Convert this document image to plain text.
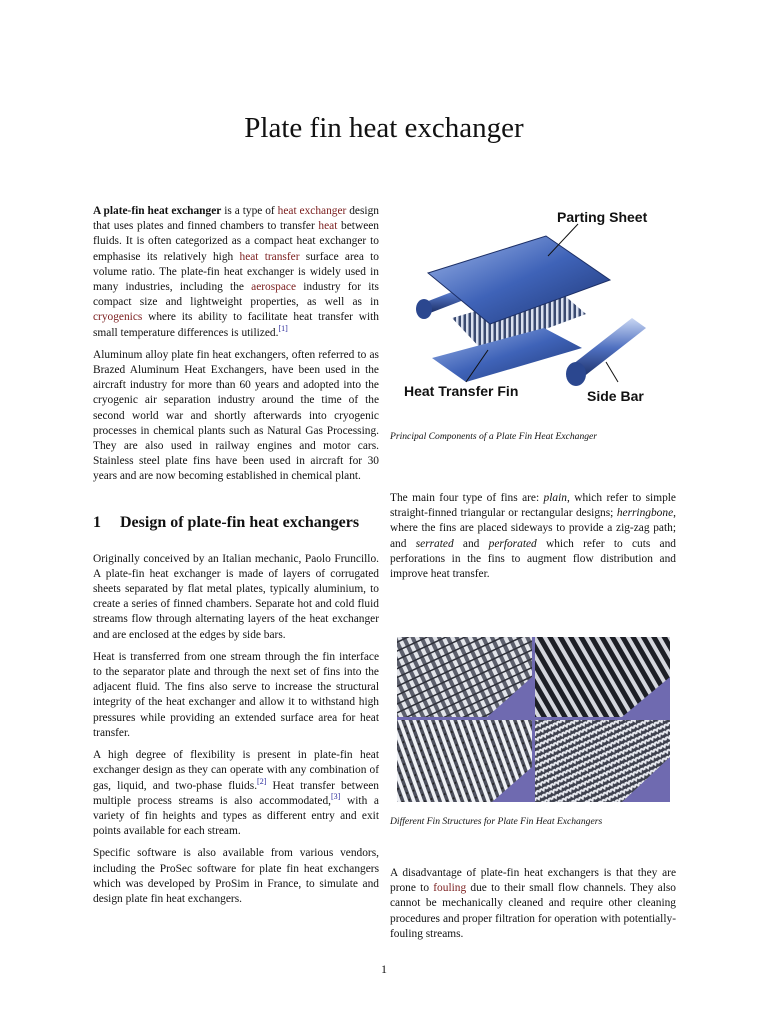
Plate fin heat exchanger

A plate-fin heat exchanger is a type of heat exchanger design that uses plates and finned chambers to transfer heat between fluids. It is often categorized as a compact heat exchanger to emphasise its relatively high heat transfer surface area to volume ratio. The plate-fin heat exchanger is widely used in many industries, including the aerospace industry for its compact size and lightweight properties, as well as in cryogenics where its ability to facilitate heat transfer with small temperature differences is utilized.[1]

Aluminum alloy plate fin heat exchangers, often referred to as Brazed Aluminum Heat Exchangers, have been used in the aircraft industry for more than 60 years and adopted into the cryogenic air separation industry around the time of the second world war and shortly afterwards into cryogenic processes in chemical plants such as Natural Gas Processing. They are also used in railway engines and motor cars. Stainless steel plate fins have been used in aircraft for 30 years and are now becoming established in chemical plant.

1	Design of plate-fin heat exchangers

Originally conceived by an Italian mechanic, Paolo Fruncillo. A plate-fin heat exchanger is made of layers of corrugated sheets separated by flat metal plates, typically aluminium, to create a series of finned chambers. Separate hot and cold fluid streams flow through alternating layers of the heat exchanger and are enclosed at the edges by side bars.

Heat is transferred from one stream through the fin interface to the separator plate and through the next set of fins into the adjacent fluid. The fins also serve to increase the structural integrity of the heat exchanger and allow it to withstand high pressures while providing an extended surface area for heat transfer.

A high degree of flexibility is present in plate-fin heat exchanger design as they can operate with any combination of gas, liquid, and two-phase fluids.[2] Heat transfer between multiple process streams is also accommodated,[3] with a variety of fin heights and types as different entry and exit points available for each stream.

Specific software is also available from various vendors, including the ProSec software for plate fin heat exchangers which was developed by ProSim in France, to simulate and design plate fin heat exchangers.

Parting Sheet
Heat Transfer Fin	Side Bar
Principal Components of a Plate Fin Heat Exchanger

The main four type of fins are: plain, which refer to simple straight-finned triangular or rectangular designs; herringbone, where the fins are placed sideways to provide a zig-zag path; and serrated and perforated which refer to cuts and perforations in the fins to augment flow distribution and improve heat transfer.

Different Fin Structures for Plate Fin Heat Exchangers

A disadvantage of plate-fin heat exchangers is that they are prone to fouling due to their small flow channels. They also cannot be mechanically cleaned and require other cleaning procedures and proper filtration for operation with potentially-fouling streams.

1
